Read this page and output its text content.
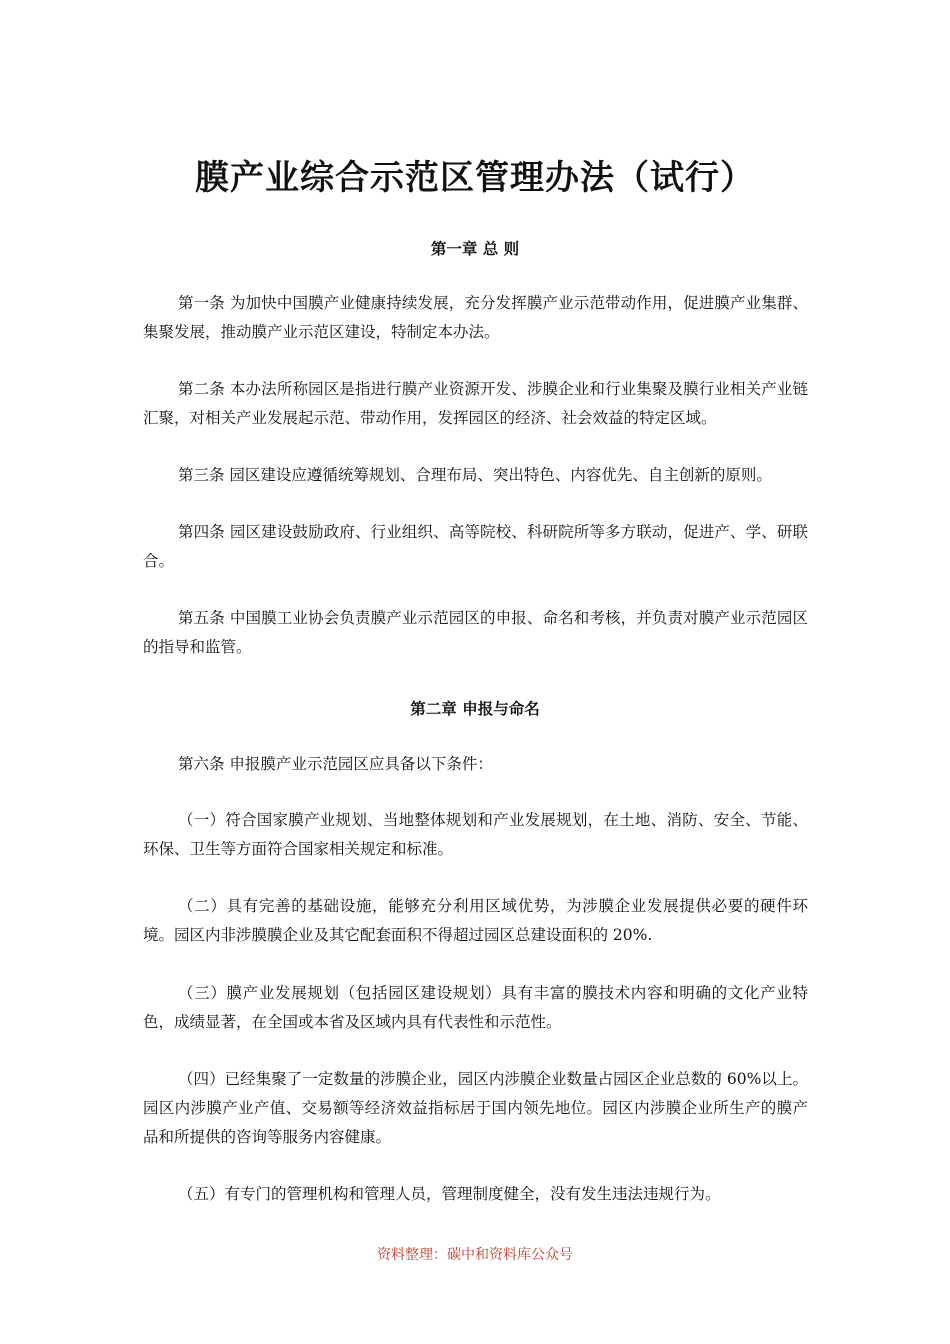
膜产业综合示范区管理办法（试行）
第一章 总 则

第一条 为加快中国膜产业健康持续发展，充分发挥膜产业示范带动作用，促进膜产业集群、集聚发展，推动膜产业示范区建设，特制定本办法。

第二条 本办法所称园区是指进行膜产业资源开发、涉膜企业和行业集聚及膜行业相关产业链汇聚，对相关产业发展起示范、带动作用，发挥园区的经济、社会效益的特定区域。

第三条 园区建设应遵循统筹规划、合理布局、突出特色、内容优先、自主创新的原则。

第四条 园区建设鼓励政府、行业组织、高等院校、科研院所等多方联动，促进产、学、研联合。

第五条 中国膜工业协会负责膜产业示范园区的申报、命名和考核，并负责对膜产业示范园区的指导和监管。

第二章 申报与命名

第六条 申报膜产业示范园区应具备以下条件：

（一）符合国家膜产业规划、当地整体规划和产业发展规划，在土地、消防、安全、节能、环保、卫生等方面符合国家相关规定和标准。

（二）具有完善的基础设施，能够充分利用区域优势，为涉膜企业发展提供必要的硬件环境。园区内非涉膜膜企业及其它配套面积不得超过园区总建设面积的 20%.

（三）膜产业发展规划（包括园区建设规划）具有丰富的膜技术内容和明确的文化产业特色，成绩显著，在全国或本省及区域内具有代表性和示范性。

（四）已经集聚了一定数量的涉膜企业，园区内涉膜企业数量占园区企业总数的 60%以上。园区内涉膜产业产值、交易额等经济效益指标居于国内领先地位。园区内涉膜企业所生产的膜产品和所提供的咨询等服务内容健康。

（五）有专门的管理机构和管理人员，管理制度健全，没有发生违法违规行为。

资料整理：碳中和资料库公众号
